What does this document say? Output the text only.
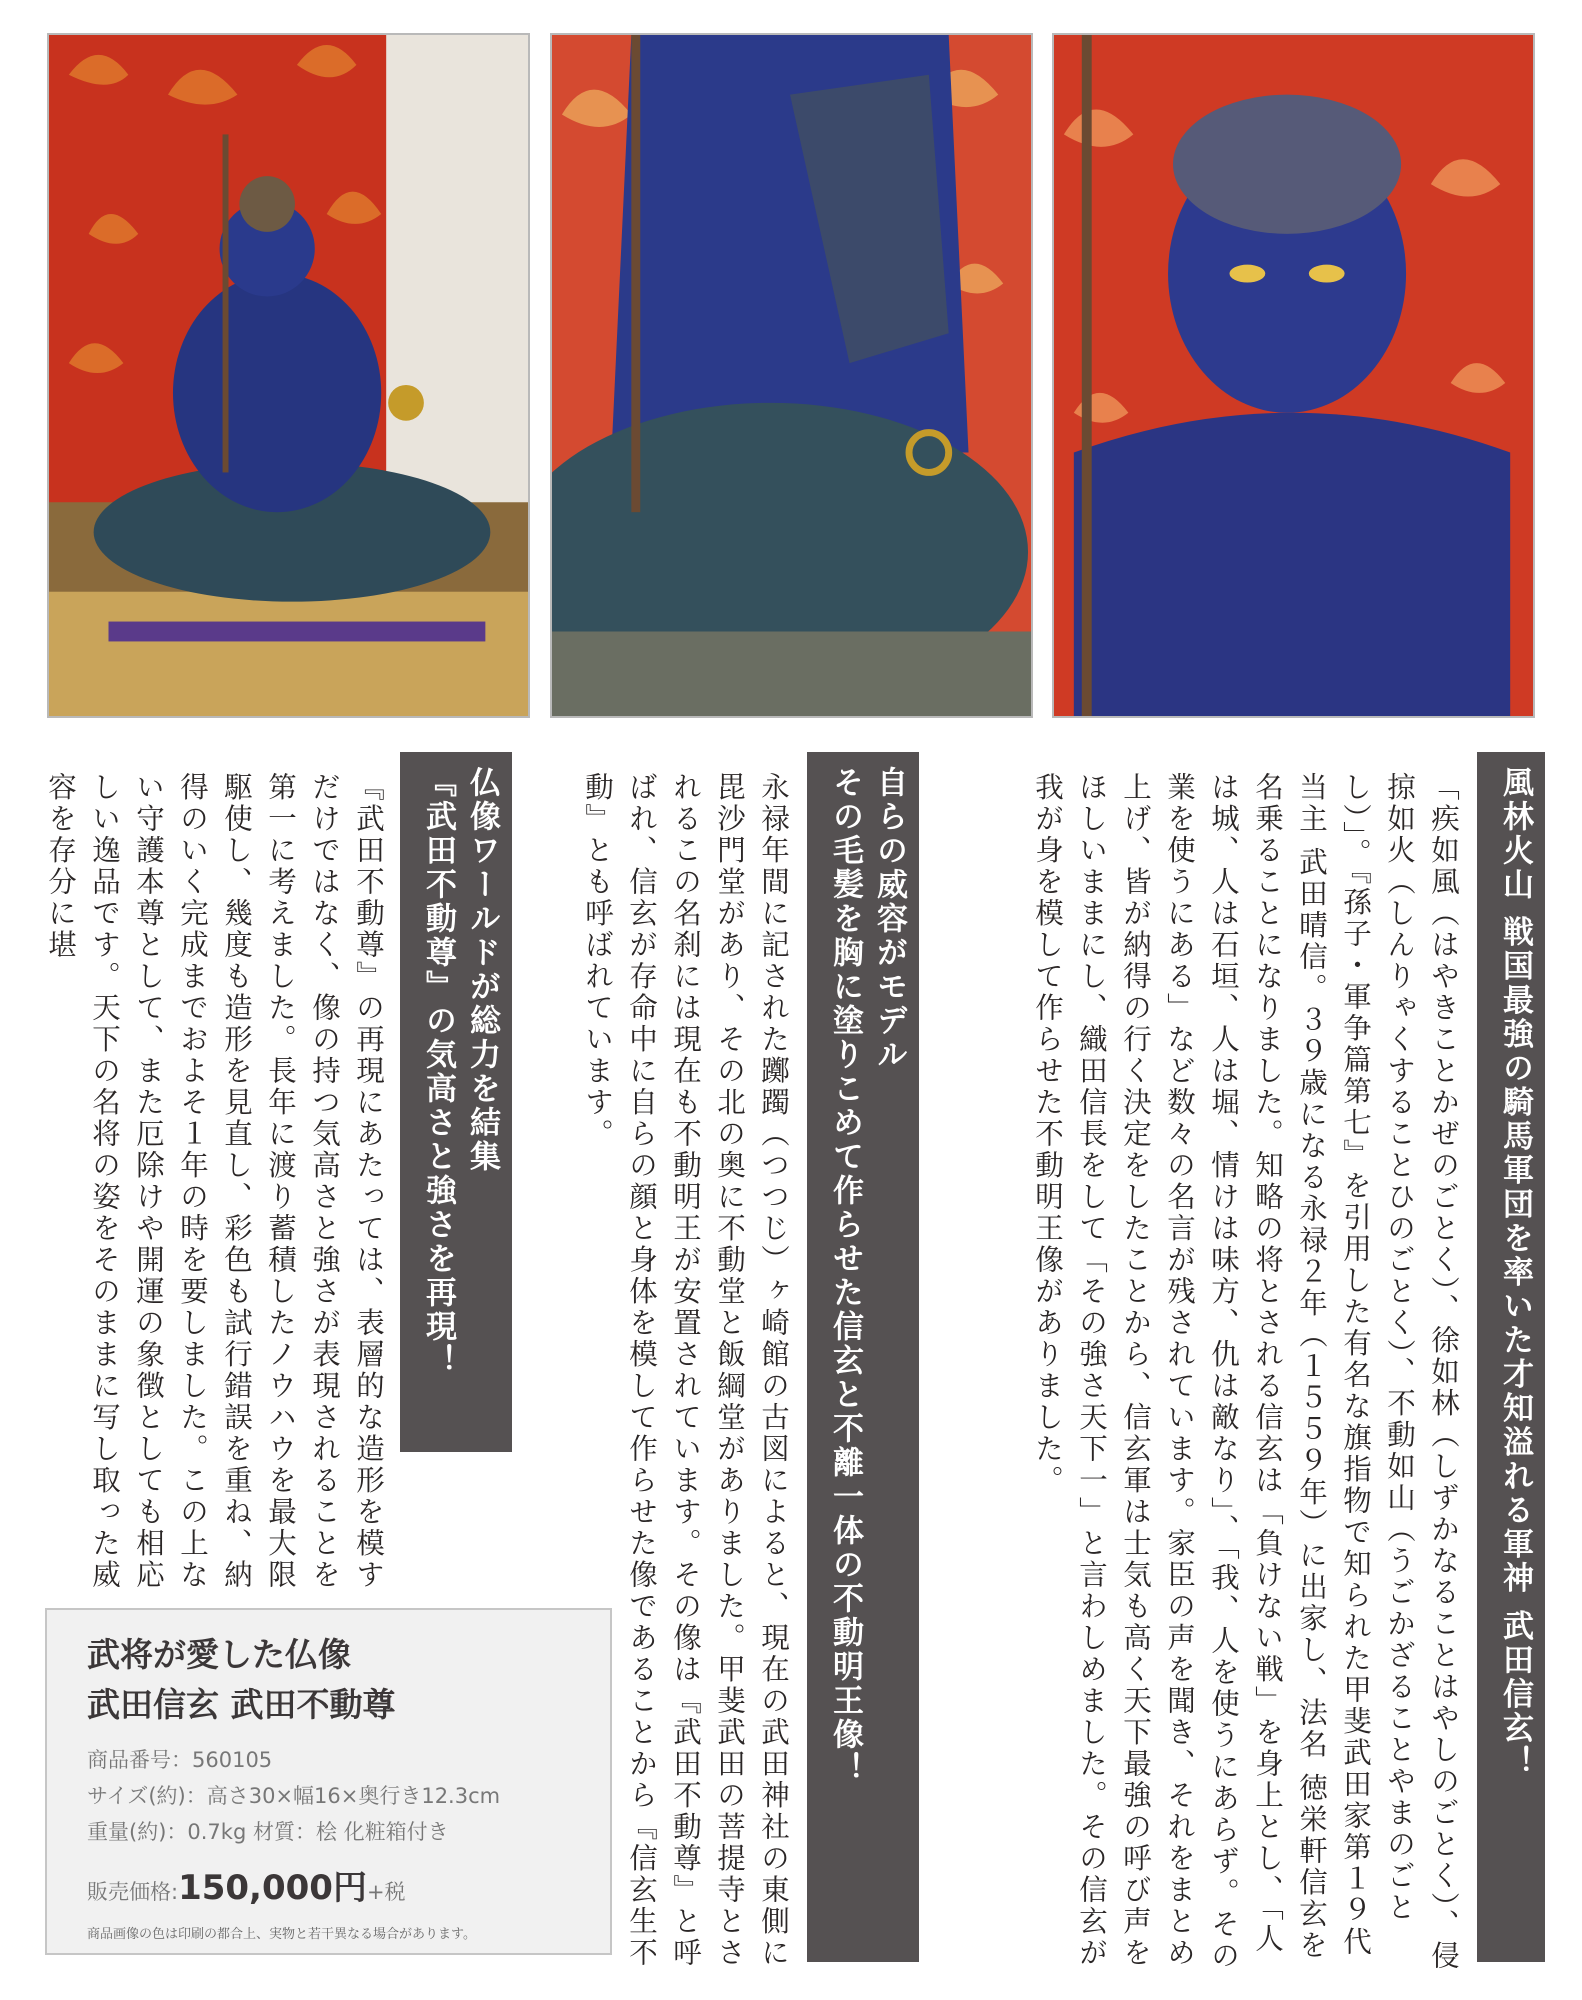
風林火山 戦国最強の騎馬軍団を率いた才知溢れる軍神 武田信玄！

「疾如風（はやきことかぜのごとく）、徐如林（しずかなることはやしのごとく）、侵掠如火（しんりゃくすることひのごとく）、不動如山（うごかざることやまのごとし）」。『孫子・軍争篇第七』を引用した有名な旗指物で知られた甲斐武田家第１９代当主 武田晴信。３９歳になる永禄２年（１５５９年）に出家し、法名 徳栄軒信玄を名乗ることになりました。知略の将とされる信玄は「負けない戦」を身上とし、「人は城、人は石垣、人は堀、情けは味方、仇は敵なり」、「我、人を使うにあらず。その業を使うにある」など数々の名言が残されています。家臣の声を聞き、それをまとめ上げ、皆が納得の行く決定をしたことから、信玄軍は士気も高く天下最強の呼び声をほしいままにし、織田信長をして「その強さ天下一」と言わしめました。その信玄が我が身を模して作らせた不動明王像がありました。

自らの威容がモデル
その毛髪を胸に塗りこめて作らせた信玄と不離一体の不動明王像！

永禄年間に記された躑躅（つつじ）ヶ崎館の古図によると、現在の武田神社の東側に毘沙門堂があり、その北の奥に不動堂と飯綱堂がありました。甲斐武田の菩提寺とされるこの名刹には現在も不動明王が安置されています。その像は『武田不動尊』と呼ばれ、信玄が存命中に自らの顔と身体を模して作らせた像であることから『信玄生不動』とも呼ばれています。

仏像ワールドが総力を結集
『武田不動尊』の気高さと強さを再現！

『武田不動尊』の再現にあたっては、表層的な造形を模すだけではなく、像の持つ気高さと強さが表現されることを第一に考えました。長年に渡り蓄積したノウハウを最大限駆使し、幾度も造形を見直し、彩色も試行錯誤を重ね、納得のいく完成までおよそ１年の時を要しました。この上ない守護本尊として、また厄除けや開運の象徴としても相応しい逸品です。天下の名将の姿をそのままに写し取った威容を存分に堪

武将が愛した仏像
武田信玄 武田不動尊
商品番号：560105
サイズ(約)：高さ30×幅16×奥行き12.3cm
重量(約)：0.7kg 材質：桧 化粧箱付き
販売価格:150,000円+税
商品画像の色は印刷の都合上、実物と若干異なる場合があります。
